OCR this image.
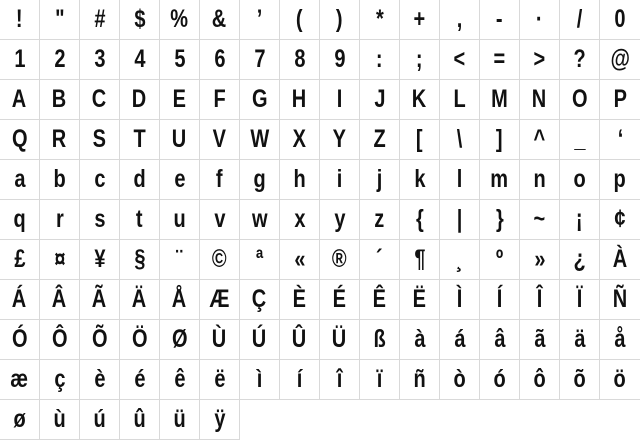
! " # $ % & ’ ( ) * + , - · / 0
1 2 3 4 5 6 7 8 9 : ; < = > ? @
A B C D E F G H I J K L M N O P
Q R S T U V W X Y Z [ \ ] ^ _ ‘
a b c d e f g h i j k l m n o p
q r s t u v w x y z { | } ~ ¡ ¢
£ ¤ ¥ § ¨ © ª « ® ´ ¶ ¸ º » ¿ À
Á Â Ã Ä Å Æ Ç È É Ê Ë Ì Í Î Ï Ñ
Ó Ô Õ Ö Ø Ù Ú Û Ü ß à á â ã ä å
æ ç è é ê ë ì í î ï ñ ò ó ô õ ö
ø ù ú û ü ÿ
